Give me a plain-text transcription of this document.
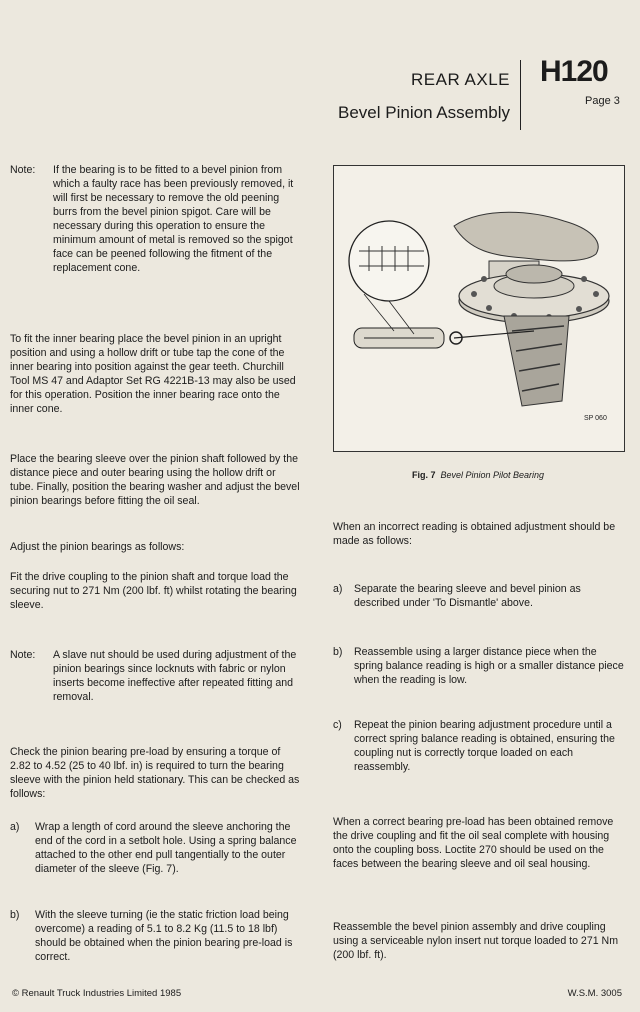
REAR AXLE
Bevel Pinion Assembly
H120
Page 3
Note:	If the bearing is to be fitted to a bevel pinion from which a faulty race has been previously removed, it will first be necessary to remove the old peening burrs from the bevel pinion spigot. Care will be necessary during this operation to ensure the minimum amount of metal is removed so the spigot face can be peened following the fitment of the replacement cone.
To fit the inner bearing place the bevel pinion in an upright position and using a hollow drift or tube tap the cone of the inner bearing into position against the gear teeth. Churchill Tool MS 47 and Adaptor Set RG 4221B-13 may also be used for this operation. Position the inner bearing race onto the inner cone.
Place the bearing sleeve over the pinion shaft followed by the distance piece and outer bearing using the hollow drift or tube. Finally, position the bearing washer and adjust the bevel pinion bearings before fitting the oil seal.
Adjust the pinion bearings as follows:
Fit the drive coupling to the pinion shaft and torque load the securing nut to 271 Nm (200 lbf. ft) whilst rotating the bearing sleeve.
Note:	A slave nut should be used during adjustment of the pinion bearings since locknuts with fabric or nylon inserts become ineffective after repeated fitting and removal.
Check the pinion bearing pre-load by ensuring a torque of 2.82 to 4.52 (25 to 40 lbf. in) is required to turn the bearing sleeve with the pinion held stationary. This can be checked as follows:
a)	Wrap a length of cord around the sleeve anchoring the end of the cord in a setbolt hole. Using a spring balance attached to the other end pull tangentially to the outer diameter of the sleeve (Fig. 7).
b)	With the sleeve turning (ie the static friction load being overcome) a reading of 5.1 to 8.2 Kg (11.5 to 18 lbf) should be obtained when the pinion bearing pre-load is correct.
SP 060
Fig. 7 Bevel Pinion Pilot Bearing
When an incorrect reading is obtained adjustment should be made as follows:
a)	Separate the bearing sleeve and bevel pinion as described under 'To Dismantle' above.
b)	Reassemble using a larger distance piece when the spring balance reading is high or a smaller distance piece when the reading is low.
c)	Repeat the pinion bearing adjustment procedure until a correct spring balance reading is obtained, ensuring the coupling nut is correctly torque loaded on each reassembly.
When a correct bearing pre-load has been obtained remove the drive coupling and fit the oil seal complete with housing onto the coupling boss. Loctite 270 should be used on the faces between the bearing sleeve and oil seal housing.
Reassemble the bevel pinion assembly and drive coupling using a serviceable nylon insert nut torque loaded to 271 Nm (200 lbf. ft).
© Renault Truck Industries Limited 1985	W.S.M. 3005
